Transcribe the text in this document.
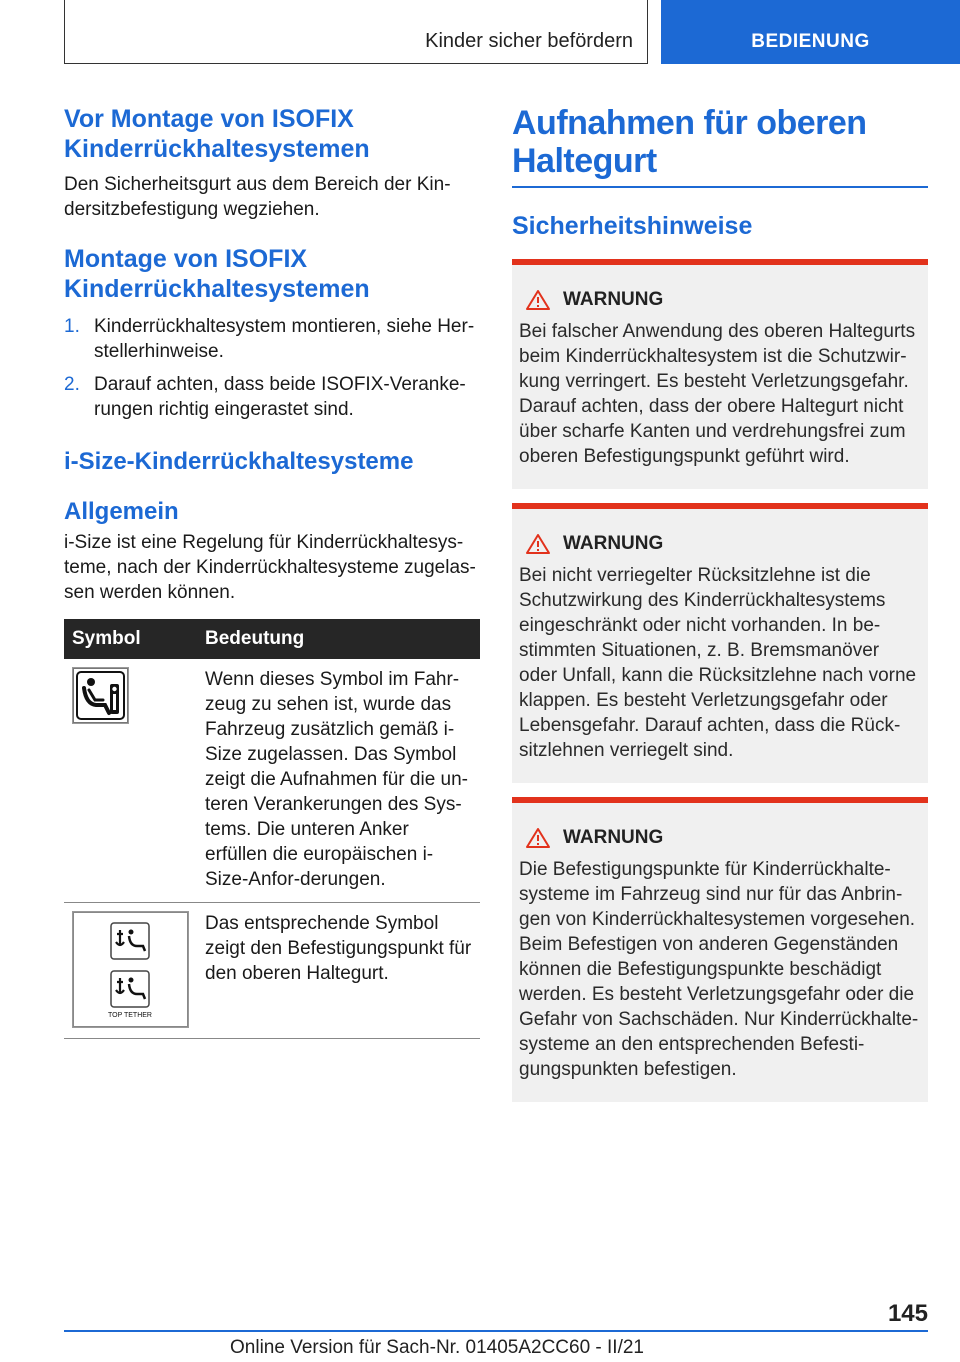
Kinder sicher befördern	BEDIENUNG
Vor Montage von ISOFIX Kinderrückhaltesystemen

Den Sicherheitsgurt aus dem Bereich der Kin-dersitzbefestigung wegziehen.

Montage von ISOFIX Kinderrückhaltesystemen
1. Kinderrückhaltesystem montieren, siehe Her-stellerhinweise.
2. Darauf achten, dass beide ISOFIX-Veranke-rungen richtig eingerastet sind.
i-Size-Kinderrückhaltesysteme
Allgemein

i-Size ist eine Regelung für Kinderrückhaltesys-teme, nach der Kinderrückhaltesysteme zugelas-sen werden können.

Symbol	Bedeutung

	Wenn dieses Symbol im Fahr-zeug zu sehen ist, wurde das Fahrzeug zusätzlich gemäß i-Size zugelassen. Das Symbol zeigt die Aufnahmen für die un-teren Verankerungen des Sys-tems. Die unteren Anker erfüllen die europäischen i-Size-Anfor-derungen.

TOP TETHER	Das entsprechende Symbol zeigt den Befestigungspunkt für den oberen Haltegurt.
Aufnahmen für oberen Haltegurt
Sicherheitshinweise
WARNUNG

Bei falscher Anwendung des oberen Haltegurts beim Kinderrückhaltesystem ist die Schutzwir-kung verringert. Es besteht Verletzungsgefahr. Darauf achten, dass der obere Haltegurt nicht über scharfe Kanten und verdrehungsfrei zum oberen Befestigungspunkt geführt wird.

WARNUNG

Bei nicht verriegelter Rücksitzlehne ist die Schutzwirkung des Kinderrückhaltesystems eingeschränkt oder nicht vorhanden. In be-stimmten Situationen, z. B. Bremsmanöver oder Unfall, kann die Rücksitzlehne nach vorne klappen. Es besteht Verletzungsgefahr oder Lebensgefahr. Darauf achten, dass die Rück-sitzlehnen verriegelt sind.

WARNUNG

Die Befestigungspunkte für Kinderrückhalte-systeme im Fahrzeug sind nur für das Anbrin-gen von Kinderrückhaltesystemen vorgesehen. Beim Befestigen von anderen Gegenständen können die Befestigungspunkte beschädigt werden. Es besteht Verletzungsgefahr oder die Gefahr von Sachschäden. Nur Kinderrückhalte-systeme an den entsprechenden Befesti-gungspunkten befestigen.

145
Online Version für Sach-Nr. 01405A2CC60 - II/21
